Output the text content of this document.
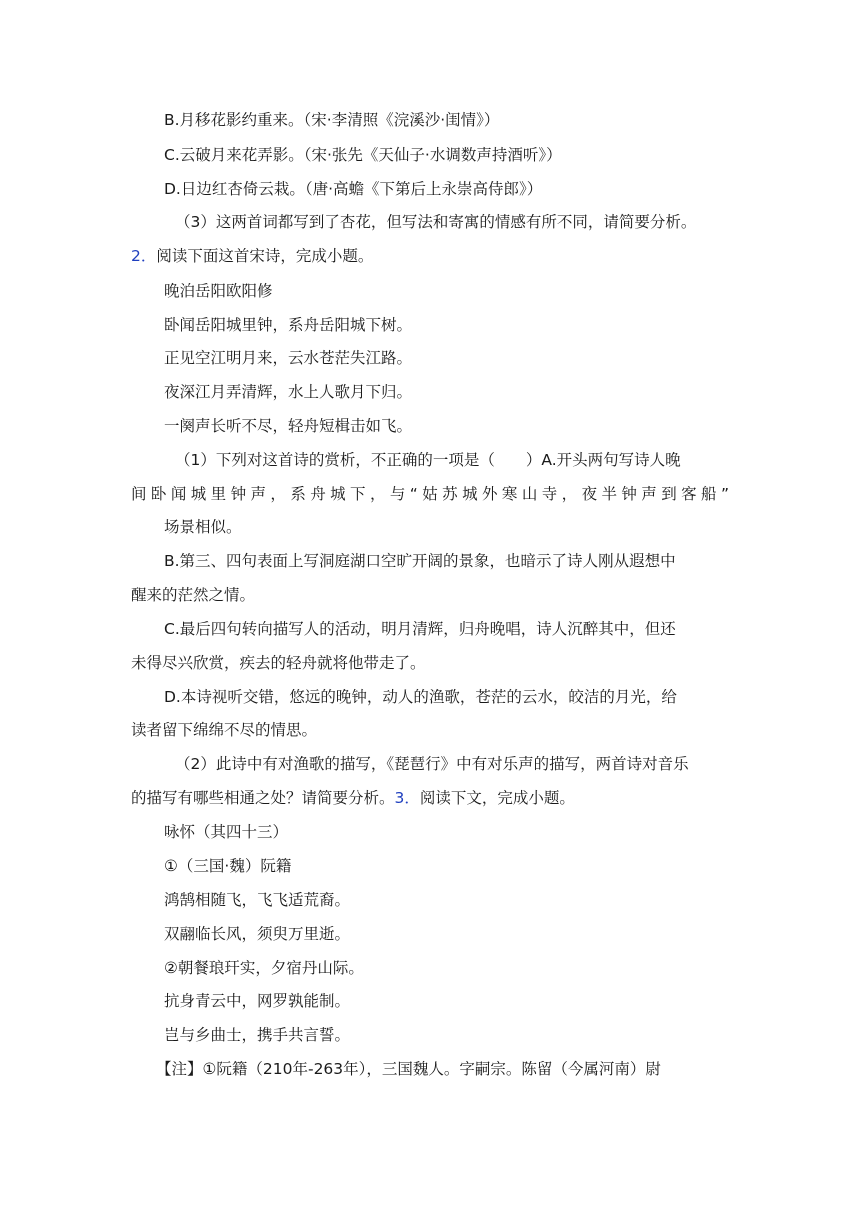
B.月移花影约重来。（宋·李清照《浣溪沙·闺情》）
C.云破月来花弄影。（宋·张先《天仙子·水调数声持酒听》）
D.日边红杏倚云栽。（唐·高蟾《下第后上永崇高侍郎》）
（3）这两首词都写到了杏花，但写法和寄寓的情感有所不同，请简要分析。
2．阅读下面这首宋诗，完成小题。
晚泊岳阳欧阳修
卧闻岳阳城里钟，系舟岳阳城下树。
正见空江明月来，云水苍茫失江路。
夜深江月弄清辉，水上人歌月下归。
一阕声长听不尽，轻舟短楫击如飞。
（1）下列对这首诗的赏析，不正确的一项是（　　）A.开头两句写诗人晚
间卧闻城里钟声，系舟城下，与“姑苏城外寒山寺，夜半钟声到客船”
场景相似。
B.第三、四句表面上写洞庭湖口空旷开阔的景象，也暗示了诗人刚从遐想中
醒来的茫然之情。
C.最后四句转向描写人的活动，明月清辉，归舟晚唱，诗人沉醉其中，但还
未得尽兴欣赏，疾去的轻舟就将他带走了。
D.本诗视听交错，悠远的晚钟，动人的渔歌，苍茫的云水，皎洁的月光，给
读者留下绵绵不尽的情思。
（2）此诗中有对渔歌的描写，《琵琶行》中有对乐声的描写，两首诗对音乐
的描写有哪些相通之处？请简要分析。3．阅读下文，完成小题。
咏怀（其四十三）
①（三国·魏）阮籍
鸿鹄相随飞，飞飞适荒裔。
双翮临长风，须臾万里逝。
②朝餐琅玕实，夕宿丹山际。
抗身青云中，网罗孰能制。
岂与乡曲士，携手共言誓。
【注】①阮籍（210年-263年），三国魏人。字嗣宗。陈留（今属河南）尉
